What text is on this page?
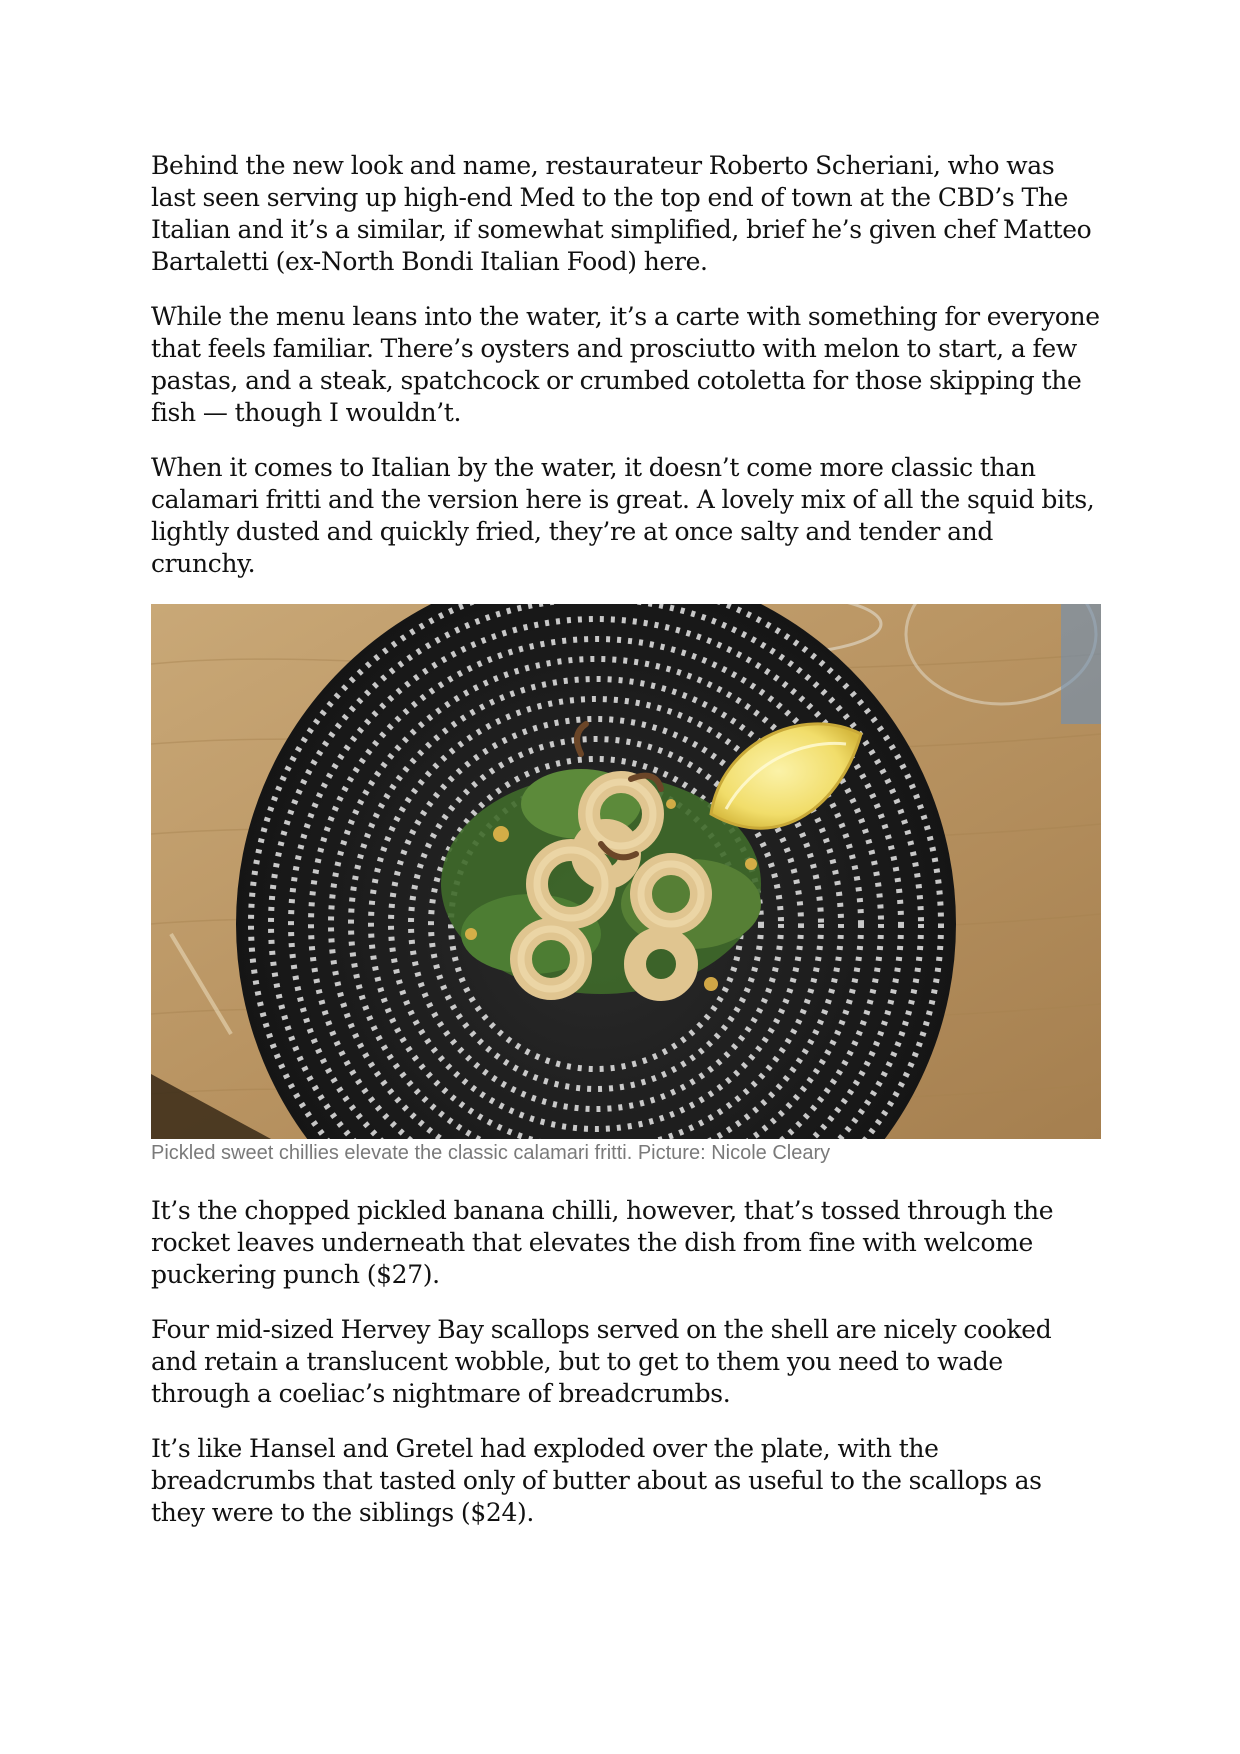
Behind the new look and name, restaurateur Roberto Scheriani, who was last seen serving up high-end Med to the top end of town at the CBD’s The Italian and it’s a similar, if somewhat simplified, brief he’s given chef Matteo Bartaletti (ex-North Bondi Italian Food) here.

While the menu leans into the water, it’s a carte with something for everyone that feels familiar. There’s oysters and prosciutto with melon to start, a few pastas, and a steak, spatchcock or crumbed cotoletta for those skipping the fish — though I wouldn’t.

When it comes to Italian by the water, it doesn’t come more classic than calamari fritti and the version here is great. A lovely mix of all the squid bits, lightly dusted and quickly fried, they’re at once salty and tender and crunchy.

Pickled sweet chillies elevate the classic calamari fritti. Picture: Nicole Cleary

It’s the chopped pickled banana chilli, however, that’s tossed through the rocket leaves underneath that elevates the dish from fine with welcome puckering punch ($27).

Four mid-sized Hervey Bay scallops served on the shell are nicely cooked and retain a translucent wobble, but to get to them you need to wade through a coeliac’s nightmare of breadcrumbs.

It’s like Hansel and Gretel had exploded over the plate, with the breadcrumbs that tasted only of butter about as useful to the scallops as they were to the siblings ($24).
